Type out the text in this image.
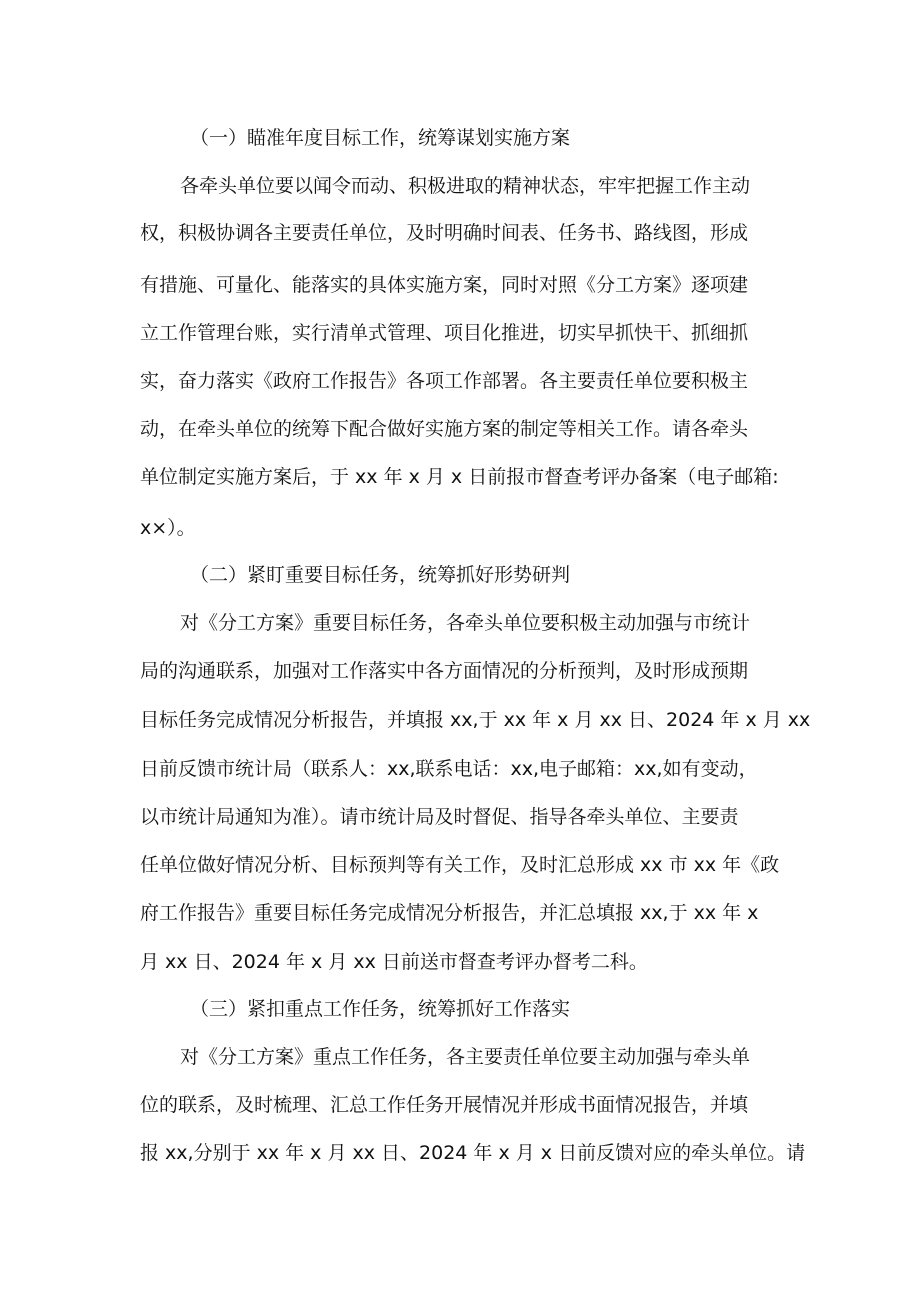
（一）瞄准年度目标工作，统筹谋划实施方案
各牵头单位要以闻令而动、积极进取的精神状态，牢牢把握工作主动
权，积极协调各主要责任单位，及时明确时间表、任务书、路线图，形成
有措施、可量化、能落实的具体实施方案，同时对照《分工方案》逐项建
立工作管理台账，实行清单式管理、项目化推进，切实早抓快干、抓细抓
实，奋力落实《政府工作报告》各项工作部署。各主要责任单位要积极主
动，在牵头单位的统筹下配合做好实施方案的制定等相关工作。请各牵头
单位制定实施方案后，于 xx 年 x 月 x 日前报市督查考评办备案（电子邮箱:
x×）。
（二）紧盯重要目标任务，统筹抓好形势研判
对《分工方案》重要目标任务，各牵头单位要积极主动加强与市统计
局的沟通联系，加强对工作落实中各方面情况的分析预判，及时形成预期
目标任务完成情况分析报告，并填报 xx,于 xx 年 x 月 xx 日、2024 年 x 月 xx
日前反馈市统计局（联系人：xx,联系电话：xx,电子邮箱：xx,如有变动，
以市统计局通知为准）。请市统计局及时督促、指导各牵头单位、主要责
任单位做好情况分析、目标预判等有关工作，及时汇总形成 xx 市 xx 年《政
府工作报告》重要目标任务完成情况分析报告，并汇总填报 xx,于 xx 年 x
月 xx 日、2024 年 x 月 xx 日前送市督查考评办督考二科。
（三）紧扣重点工作任务，统筹抓好工作落实
对《分工方案》重点工作任务，各主要责任单位要主动加强与牵头单
位的联系，及时梳理、汇总工作任务开展情况并形成书面情况报告，并填
报 xx,分别于 xx 年 x 月 xx 日、2024 年 x 月 x 日前反馈对应的牵头单位。请
